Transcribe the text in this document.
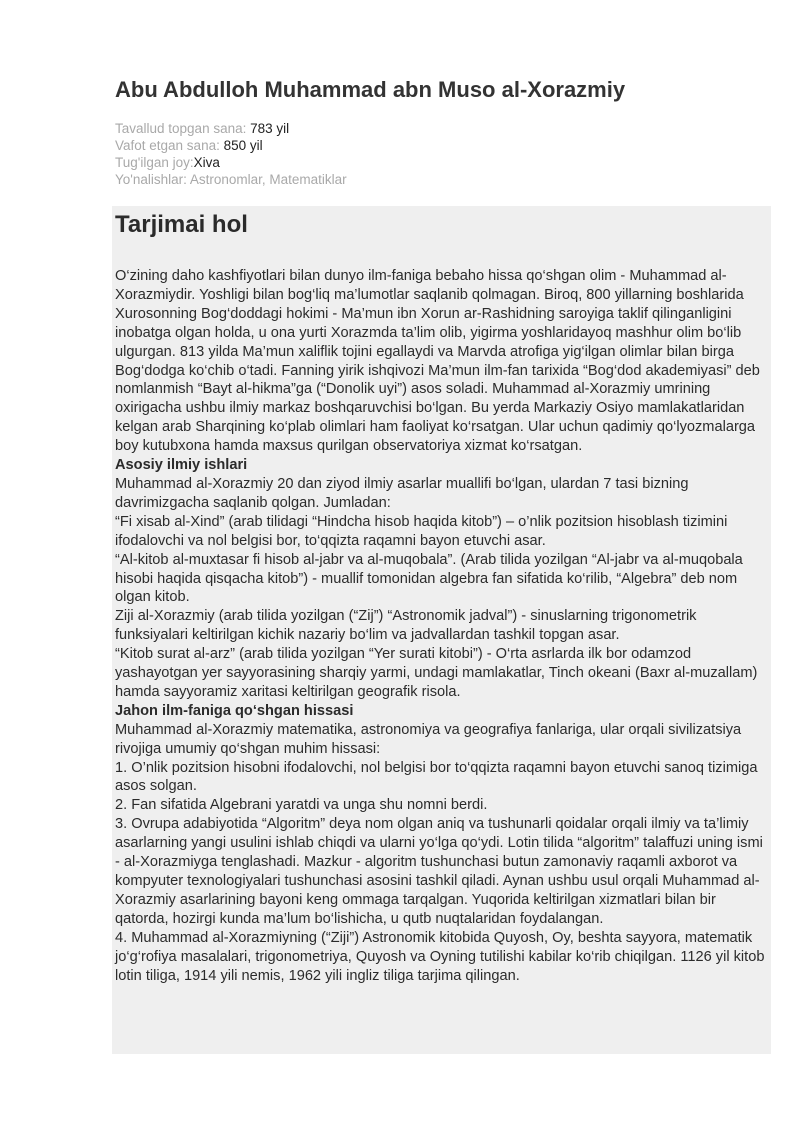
Abu Abdulloh Muhammad abn Muso al-Xorazmiy
Tavallud topgan sana: 783 yil
Vafot etgan sana: 850 yil
Tug'ilgan joy:Xiva
Yo'nalishlar: Astronomlar, Matematiklar
Tarjimai hol

O‘zining daho kashfiyotlari bilan dunyo ilm-faniga bebaho hissa qo‘shgan olim - Muhammad al-Xorazmiydir. Yoshligi bilan bog‘liq ma’lumotlar saqlanib qolmagan. Biroq, 800 yillarning boshlarida Xurosonning Bog‘doddagi hokimi - Ma’mun ibn Xorun ar-Rashidning saroyiga taklif qilinganligini inobatga olgan holda, u ona yurti Xorazmda ta’lim olib, yigirma yoshlaridayoq mashhur olim bo‘lib ulgurgan. 813 yilda Ma’mun xaliflik tojini egallaydi va Marvda atrofiga yig‘ilgan olimlar bilan birga Bog‘dodga ko‘chib o‘tadi. Fanning yirik ishqivozi Ma’mun ilm-fan tarixida “Bog‘dod akademiyasi” deb nomlanmish “Bayt al-hikma”ga (“Donolik uyi”) asos soladi. Muhammad al-Xorazmiy umrining oxirigacha ushbu ilmiy markaz boshqaruvchisi bo‘lgan. Bu yerda Markaziy Osiyo mamlakatlaridan kelgan arab Sharqining ko‘plab olimlari ham faoliyat ko‘rsatgan. Ular uchun qadimiy qo‘lyozmalarga boy kutubxona hamda maxsus qurilgan observatoriya xizmat ko‘rsatgan.

Asosiy ilmiy ishlari

Muhammad al-Xorazmiy 20 dan ziyod ilmiy asarlar muallifi bo‘lgan, ulardan 7 tasi bizning davrimizgacha saqlanib qolgan. Jumladan:

“Fi xisab al-Xind” (arab tilidagi “Hindcha hisob haqida kitob”) – o’nlik pozitsion hisoblash tizimini ifodalovchi va nol belgisi bor, to‘qqizta raqamni bayon etuvchi asar.

“Al-kitob al-muxtasar fi hisob al-jabr va al-muqobala”. (Arab tilida yozilgan “Al-jabr va al-muqobala hisobi haqida qisqacha kitob”) - muallif tomonidan algebra fan sifatida ko‘rilib, “Algebra” deb nom olgan kitob.

Ziji al-Xorazmiy (arab tilida yozilgan (“Zij”) “Astronomik jadval”) - sinuslarning trigonometrik funksiyalari keltirilgan kichik nazariy bo‘lim va jadvallardan tashkil topgan asar.

“Kitob surat al-arz” (arab tilida yozilgan “Yer surati kitobi”) - O‘rta asrlarda ilk bor odamzod yashayotgan yer sayyorasining sharqiy yarmi, undagi mamlakatlar, Tinch okeani (Baxr al-muzallam) hamda sayyoramiz xaritasi keltirilgan geografik risola.

Jahon ilm-faniga qo‘shgan hissasi

Muhammad al-Xorazmiy matematika, astronomiya va geografiya fanlariga, ular orqali sivilizatsiya rivojiga umumiy qo‘shgan muhim hissasi:

1. O’nlik pozitsion hisobni ifodalovchi, nol belgisi bor to‘qqizta raqamni bayon etuvchi sanoq tizimiga asos solgan.

2. Fan sifatida Algebrani yaratdi va unga shu nomni berdi.

3. Ovrupa adabiyotida “Algoritm” deya nom olgan aniq va tushunarli qoidalar orqali ilmiy va ta’limiy asarlarning yangi usulini ishlab chiqdi va ularni yo‘lga qo‘ydi. Lotin tilida “algoritm” talaffuzi uning ismi - al-Xorazmiyga tenglashadi. Mazkur - algoritm tushunchasi butun zamonaviy raqamli axborot va kompyuter texnologiyalari tushunchasi asosini tashkil qiladi. Aynan ushbu usul orqali Muhammad al-Xorazmiy asarlarining bayoni keng ommaga tarqalgan. Yuqorida keltirilgan xizmatlari bilan bir qatorda, hozirgi kunda ma’lum bo‘lishicha, u qutb nuqtalaridan foydalangan.

4. Muhammad al-Xorazmiyning (“Ziji”) Astronomik kitobida Quyosh, Oy, beshta sayyora, matematik jo‘g‘rofiya masalalari, trigonometriya, Quyosh va Oyning tutilishi kabilar ko‘rib chiqilgan. 1126 yil kitob lotin tiliga, 1914 yili nemis, 1962 yili ingliz tiliga tarjima qilingan.
